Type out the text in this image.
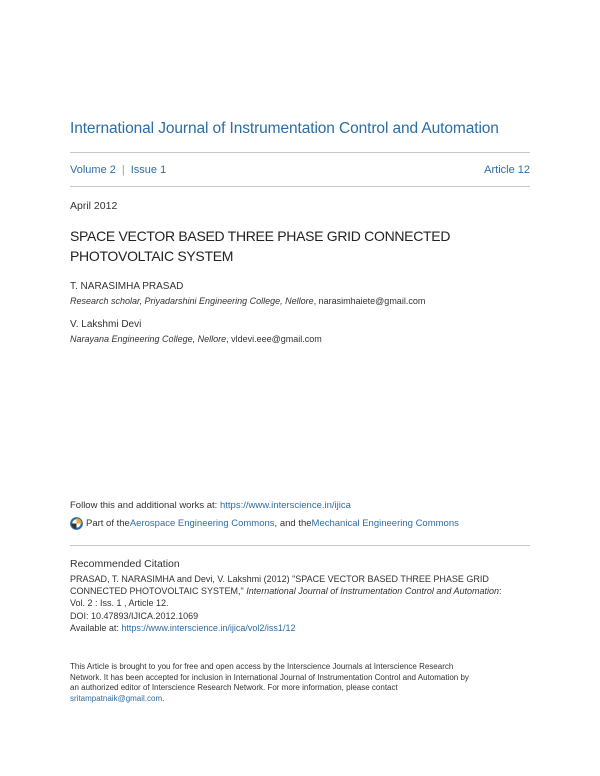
International Journal of Instrumentation Control and Automation
Volume 2 | Issue 1	Article 12
April 2012
SPACE VECTOR BASED THREE PHASE GRID CONNECTED
PHOTOVOLTAIC SYSTEM
T. NARASIMHA PRASAD
Research scholar, Priyadarshini Engineering College, Nellore, narasimhaiete@gmail.com
V. Lakshmi Devi
Narayana Engineering College, Nellore, vldevi.eee@gmail.com
Follow this and additional works at: https://www.interscience.in/ijica
Part of the Aerospace Engineering Commons , and the Mechanical Engineering Commons
Recommended Citation
PRASAD, T. NARASIMHA and Devi, V. Lakshmi (2012) "SPACE VECTOR BASED THREE PHASE GRID
CONNECTED PHOTOVOLTAIC SYSTEM," International Journal of Instrumentation Control and Automation:
Vol. 2 : Iss. 1 , Article 12.
DOI: 10.47893/IJICA.2012.1069
Available at: https://www.interscience.in/ijica/vol2/iss1/12
This Article is brought to you for free and open access by the Interscience Journals at Interscience Research
Network. It has been accepted for inclusion in International Journal of Instrumentation Control and Automation by
an authorized editor of Interscience Research Network. For more information, please contact
sritampatnaik@gmail.com.
